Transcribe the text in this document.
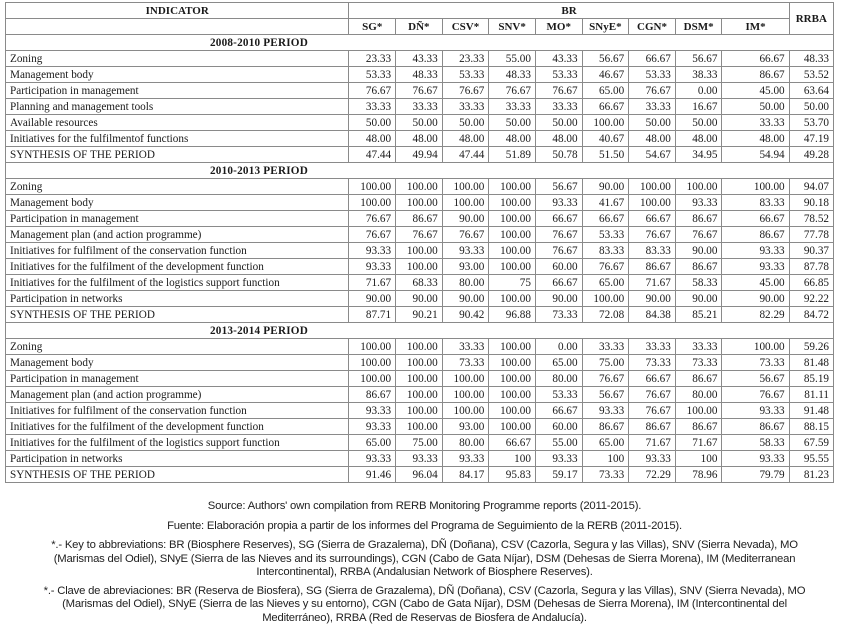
INDICATOR	BR									RRBA
	SG*	DÑ*	CSV*	SNV*	MO*	SNyE*	CGN*	DSM*	IM*	
2008-2010 PERIOD										
Zoning	23.33	43.33	23.33	55.00	43.33	56.67	66.67	56.67	66.67	48.33
Management body	53.33	48.33	53.33	48.33	53.33	46.67	53.33	38.33	86.67	53.52
Participation in management	76.67	76.67	76.67	76.67	76.67	65.00	76.67	0.00	45.00	63.64
Planning and management tools	33.33	33.33	33.33	33.33	33.33	66.67	33.33	16.67	50.00	50.00
Available resources	50.00	50.00	50.00	50.00	50.00	100.00	50.00	50.00	33.33	53.70
Initiatives for the fulfilmentof functions	48.00	48.00	48.00	48.00	48.00	40.67	48.00	48.00	48.00	47.19
SYNTHESIS OF THE PERIOD	47.44	49.94	47.44	51.89	50.78	51.50	54.67	34.95	54.94	49.28
2010-2013 PERIOD										
Zoning	100.00	100.00	100.00	100.00	56.67	90.00	100.00	100.00	100.00	94.07
Management body	100.00	100.00	100.00	100.00	93.33	41.67	100.00	93.33	83.33	90.18
Participation in management	76.67	86.67	90.00	100.00	66.67	66.67	66.67	86.67	66.67	78.52
Management plan (and action programme)	76.67	76.67	76.67	100.00	76.67	53.33	76.67	76.67	86.67	77.78
Initiatives for fulfilment of the conservation function	93.33	100.00	93.33	100.00	76.67	83.33	83.33	90.00	93.33	90.37
Initiatives for the fulfilment of the development function	93.33	100.00	93.00	100.00	60.00	76.67	86.67	86.67	93.33	87.78
Initiatives for the fulfilment of the logistics support function	71.67	68.33	80.00	75	66.67	65.00	71.67	58.33	45.00	66.85
Participation in networks	90.00	90.00	90.00	100.00	90.00	100.00	90.00	90.00	90.00	92.22
SYNTHESIS OF THE PERIOD	87.71	90.21	90.42	96.88	73.33	72.08	84.38	85.21	82.29	84.72
2013-2014 PERIOD										
Zoning	100.00	100.00	33.33	100.00	0.00	33.33	33.33	33.33	100.00	59.26
Management body	100.00	100.00	73.33	100.00	65.00	75.00	73.33	73.33	73.33	81.48
Participation in management	100.00	100.00	100.00	100.00	80.00	76.67	66.67	86.67	56.67	85.19
Management plan (and action programme)	86.67	100.00	100.00	100.00	53.33	56.67	76.67	80.00	76.67	81.11
Initiatives for fulfilment of the conservation function	93.33	100.00	100.00	100.00	66.67	93.33	76.67	100.00	93.33	91.48
Initiatives for the fulfilment of the development function	93.33	100.00	93.00	100.00	60.00	86.67	86.67	86.67	86.67	88.15
Initiatives for the fulfilment of the logistics support function	65.00	75.00	80.00	66.67	55.00	65.00	71.67	71.67	58.33	67.59
Participation in networks	93.33	93.33	93.33	100	93.33	100	93.33	100	93.33	95.55
SYNTHESIS OF THE PERIOD	91.46	96.04	84.17	95.83	59.17	73.33	72.29	78.96	79.79	81.23

Source: Authors' own compilation from RERB Monitoring Programme reports (2011-2015).

Fuente: Elaboración propia a partir de los informes del Programa de Seguimiento de la RERB (2011-2015).

*.- Key to abbreviations: BR (Biosphere Reserves), SG (Sierra de Grazalema), DÑ (Doñana), CSV (Cazorla, Segura y las Villas), SNV (Sierra Nevada), MO (Marismas del Odiel), SNyE (Sierra de las Nieves and its surroundings), CGN (Cabo de Gata Níjar), DSM (Dehesas de Sierra Morena), IM (Mediterranean Intercontinental), RRBA (Andalusian Network of Biosphere Reserves).

*.- Clave de abreviaciones: BR (Reserva de Biosfera), SG (Sierra de Grazalema), DÑ (Doñana), CSV (Cazorla, Segura y las Villas), SNV (Sierra Nevada), MO (Marismas del Odiel), SNyE (Sierra de las Nieves y su entorno), CGN (Cabo de Gata Níjar), DSM (Dehesas de Sierra Morena), IM (Intercontinental del Mediterráneo), RRBA (Red de Reservas de Biosfera de Andalucía).
